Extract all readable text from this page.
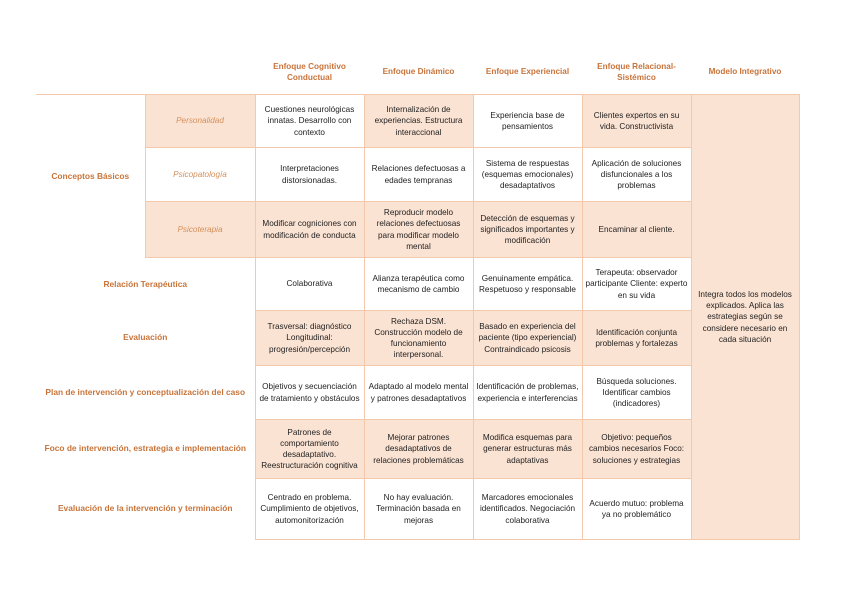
		Enfoque Cognitivo Conductual	Enfoque Dinámico	Enfoque Experiencial	Enfoque Relacional-Sistémico	Modelo Integrativo
Conceptos Básicos	Personalidad	Cuestiones neurológicas innatas. Desarrollo con contexto	Internalización de experiencias. Estructura interaccional	Experiencia base de pensamientos	Clientes expertos en su vida. Constructivista	Integra todos los modelos explicados. Aplica las estrategias según se considere necesario en cada situación
	Psicopatología	Interpretaciones distorsionadas.	Relaciones defectuosas a edades tempranas	Sistema de respuestas (esquemas emocionales) desadaptativos	Aplicación de soluciones disfuncionales a los problemas	
	Psicoterapia	Modificar cogniciones con modificación de conducta	Reproducir modelo relaciones defectuosas para modificar modelo mental	Detección de esquemas y significados importantes y modificación	Encaminar al cliente.	
Relación Terapéutica		Colaborativa	Alianza terapéutica como mecanismo de cambio	Genuinamente empática. Respetuoso y responsable	Terapeuta: observador participante Cliente: experto en su vida	
Evaluación		Trasversal: diagnóstico Longitudinal: progresión/percepción	Rechaza DSM. Construcción modelo de funcionamiento interpersonal.	Basado en experiencia del paciente (tipo experiencial) Contraindicado psicosis	Identificación conjunta problemas y fortalezas	
Plan de intervención y conceptualización del caso		Objetivos y secuenciación de tratamiento y obstáculos	Adaptado al modelo mental y patrones desadaptativos	Identificación de problemas, experiencia e interferencias	Búsqueda soluciones. Identificar cambios (indicadores)	
Foco de intervención, estrategia e implementación		Patrones de comportamiento desadaptativo. Reestructuración cognitiva	Mejorar patrones desadaptativos de relaciones problemáticas	Modifica esquemas para generar estructuras más adaptativas	Objetivo: pequeños cambios necesarios Foco: soluciones y estrategias	
Evaluación de la intervención y terminación		Centrado en problema. Cumplimiento de objetivos, automonitorización	No hay evaluación. Terminación basada en mejoras	Marcadores emocionales identificados. Negociación colaborativa	Acuerdo mutuo: problema ya no problemático	
